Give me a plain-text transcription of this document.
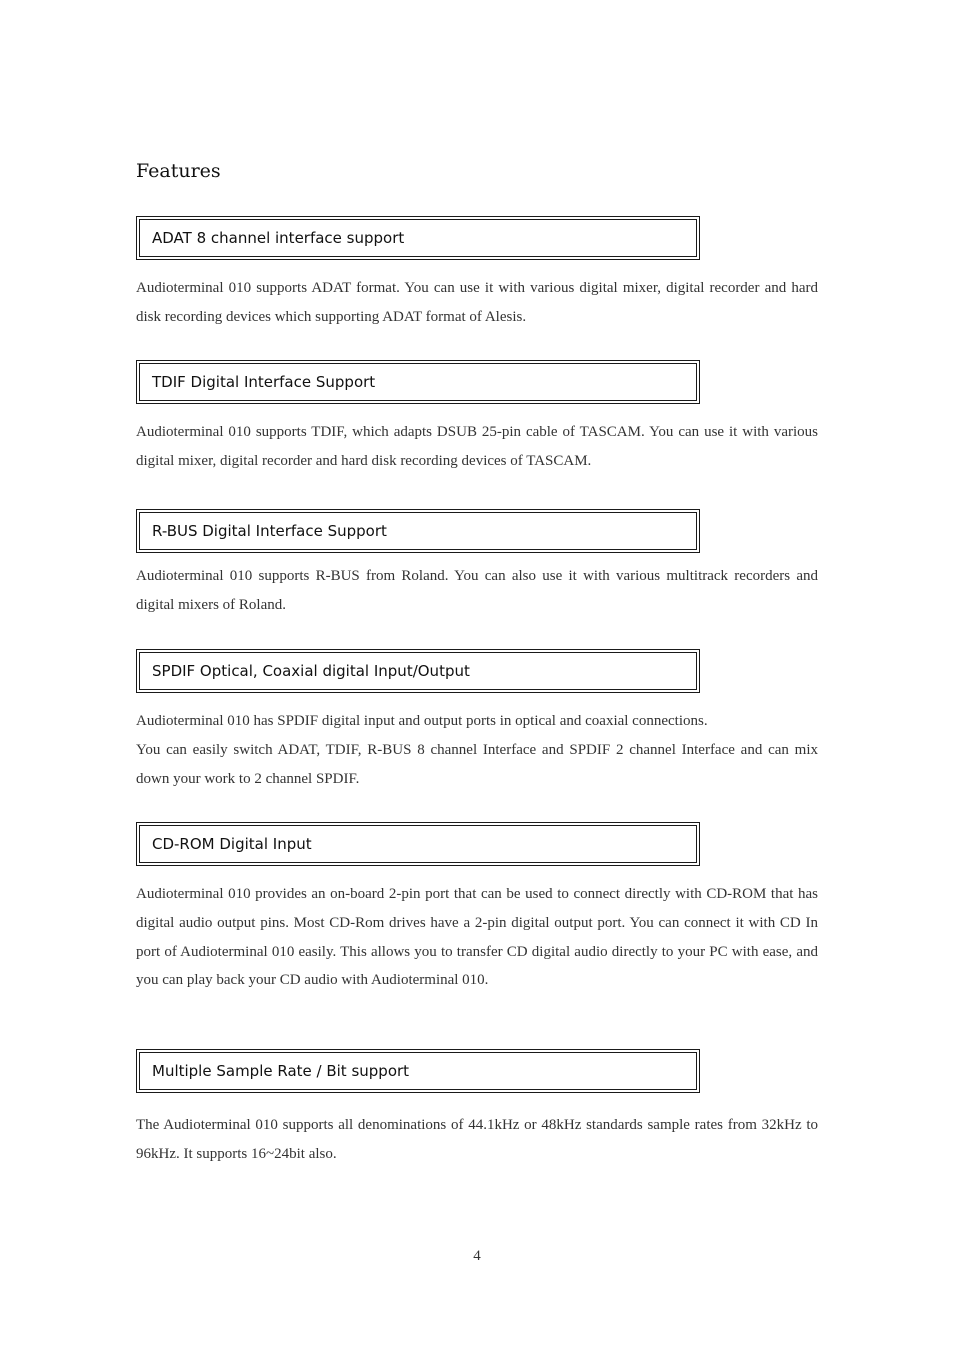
Features
ADAT 8 channel interface support

Audioterminal 010 supports ADAT format. You can use it with various digital mixer, digital recorder and hard disk recording devices which supporting ADAT format of Alesis.

TDIF Digital Interface Support

Audioterminal 010 supports TDIF, which adapts DSUB 25-pin cable of TASCAM. You can use it with various digital mixer, digital recorder and hard disk recording devices of TASCAM.

R-BUS Digital Interface Support

Audioterminal 010 supports R-BUS from Roland. You can also use it with various multitrack recorders and digital mixers of Roland.

SPDIF Optical, Coaxial digital Input/Output

Audioterminal 010 has SPDIF digital input and output ports in optical and coaxial connections.
You can easily switch ADAT, TDIF, R-BUS 8 channel Interface and SPDIF 2 channel Interface and can mix down your work to 2 channel SPDIF.

CD-ROM Digital Input

Audioterminal 010 provides an on-board 2-pin port that can be used to connect directly with CD-ROM that has digital audio output pins. Most CD-Rom drives have a 2-pin digital output port. You can connect it with CD In port of Audioterminal 010 easily. This allows you to transfer CD digital audio directly to your PC with ease, and you can play back your CD audio with Audioterminal 010.

Multiple Sample Rate / Bit support

The Audioterminal 010 supports all denominations of 44.1kHz or 48kHz standards sample rates from 32kHz to 96kHz. It supports 16~24bit also.

4
